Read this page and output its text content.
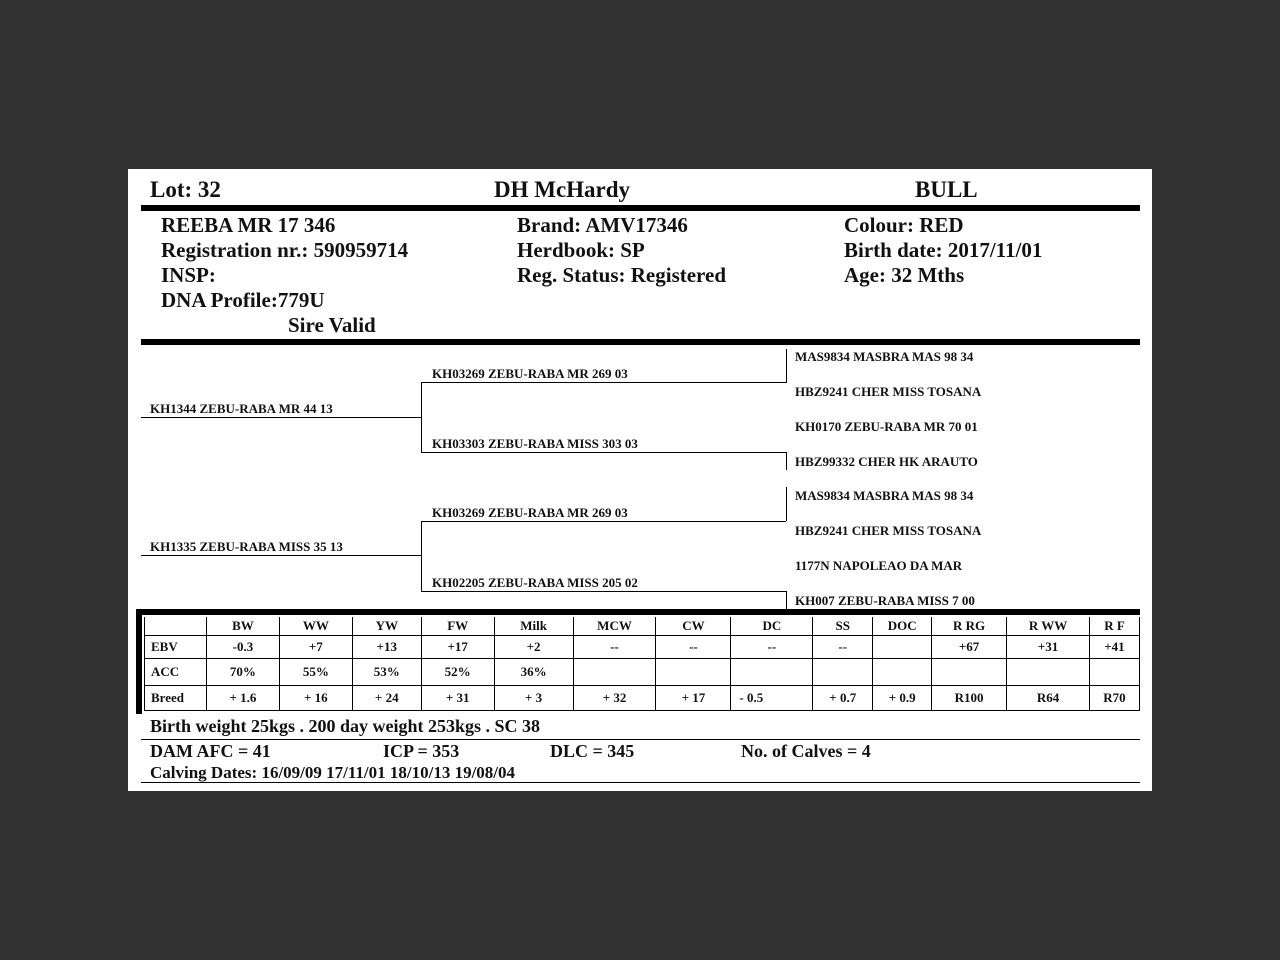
Lot: 32	DH McHardy	BULL
REEBA MR 17 346
Registration nr.: 590959714
INSP:
DNA Profile:779U
Sire Valid
Brand: AMV17346
Herdbook: SP
Reg. Status: Registered
Colour: RED
Birth date: 2017/11/01
Age: 32 Mths
KH1344 ZEBU-RABA MR 44 13
KH1335 ZEBU-RABA MISS 35 13
KH03269 ZEBU-RABA MR 269 03
KH03303 ZEBU-RABA MISS 303 03
KH03269 ZEBU-RABA MR 269 03
KH02205 ZEBU-RABA MISS 205 02
MAS9834 MASBRA MAS 98 34
HBZ9241 CHER MISS TOSANA
KH0170 ZEBU-RABA MR 70 01
HBZ99332 CHER HK ARAUTO
MAS9834 MASBRA MAS 98 34
HBZ9241 CHER MISS TOSANA
1177N NAPOLEAO DA MAR
KH007 ZEBU-RABA MISS 7 00
	BW	WW	YW	FW	Milk	MCW	CW	DC	SS	DOC	R RG	R WW	R F
EBV	-0.3	+7	+13	+17	+2	--	--	--	--		+67	+31	+41
ACC	70%	55%	53%	52%	36%								
Breed	+ 1.6	+ 16	+ 24	+ 31	+ 3	+ 32	+ 17	- 0.5	+ 0.7	+ 0.9	R100	R64	R70
Birth weight 25kgs . 200 day weight 253kgs . SC 38
DAM AFC = 41	ICP = 353	DLC = 345	No. of Calves = 4
Calving Dates: 16/09/09 17/11/01 18/10/13 19/08/04
